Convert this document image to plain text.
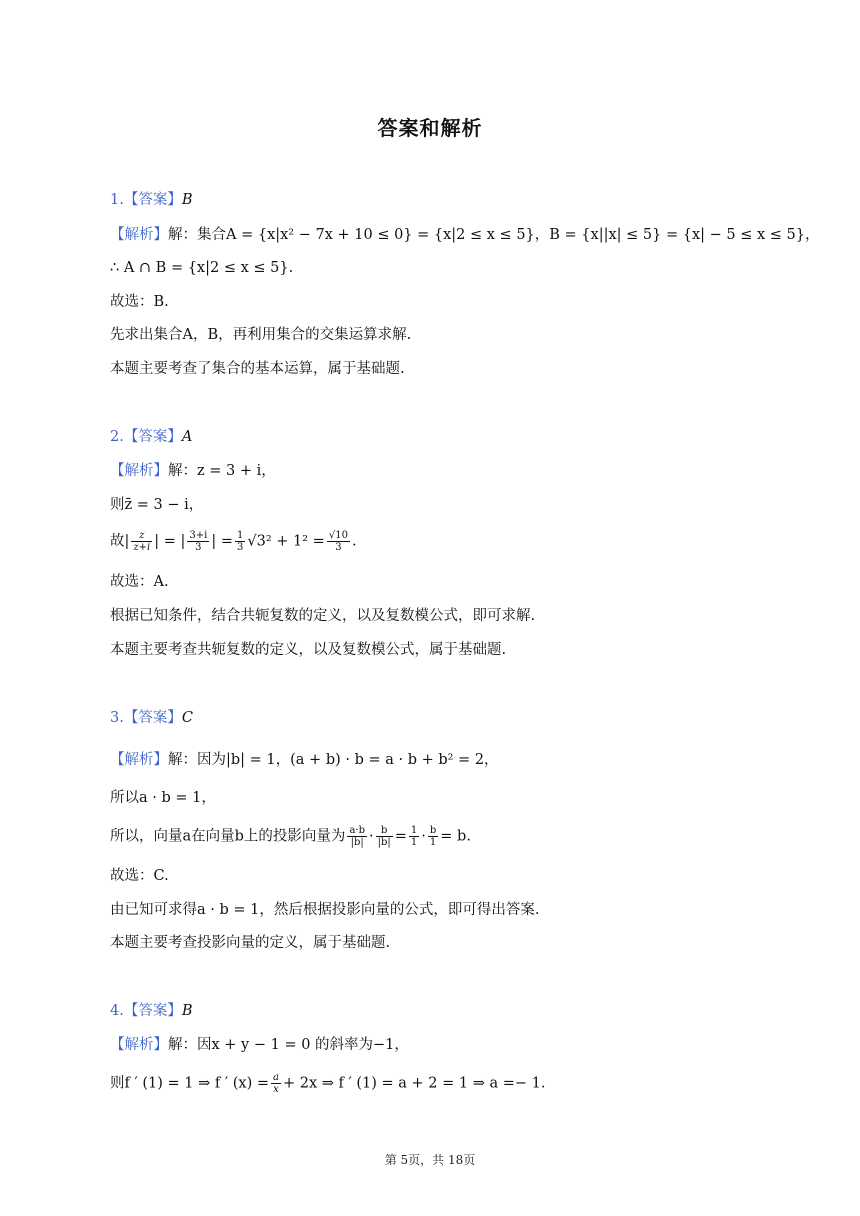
答案和解析
1.【答案】B
【解析】解：集合A = {x|x² − 7x + 10 ≤ 0} = {x|2 ≤ x ≤ 5}，B = {x||x| ≤ 5} = {x| − 5 ≤ x ≤ 5}，
∴ A ∩ B = {x|2 ≤ x ≤ 5}.
故选：B.
先求出集合A，B，再利用集合的交集运算求解.
本题主要考查了集合的基本运算，属于基础题.
2.【答案】A
【解析】解：z = 3 + i，
则z̄ = 3 − i，
故| $\frac{z}{z+i}$ | = | $\frac{3+i}{3}$ | = $\frac{1}{3} √3^2 + 1^2 = \frac{√10}{3}$ .
故选：A.
根据已知条件，结合共轭复数的定义，以及复数模公式，即可求解.
本题主要考查共轭复数的定义，以及复数模公式，属于基础题.
3.【答案】C
【解析】解：因为|b| = 1，(a + b) · b = a · b + b² = 2，
所以a · b = 1，
所以，向量a在向量b上的投影向量为 $\frac{a\cdot b}{|b|} \cdot \frac{b}{|b|} = \frac{1}{1} \cdot \frac{b}{1} = b$.
故选：C.
由已知可求得a · b = 1，然后根据投影向量的公式，即可得出答案.
本题主要考查投影向量的定义，属于基础题.
4.【答案】B
【解析】解：因x + y − 1 = 0 的斜率为−1，
则f ′ (1) = 1 ⇒ f ′ $(x) = \frac{a}{x} + 2x$ ⇒ f ′ (1) = a + 2 = 1 ⇒ a =− 1.
第 5页，共 18页
